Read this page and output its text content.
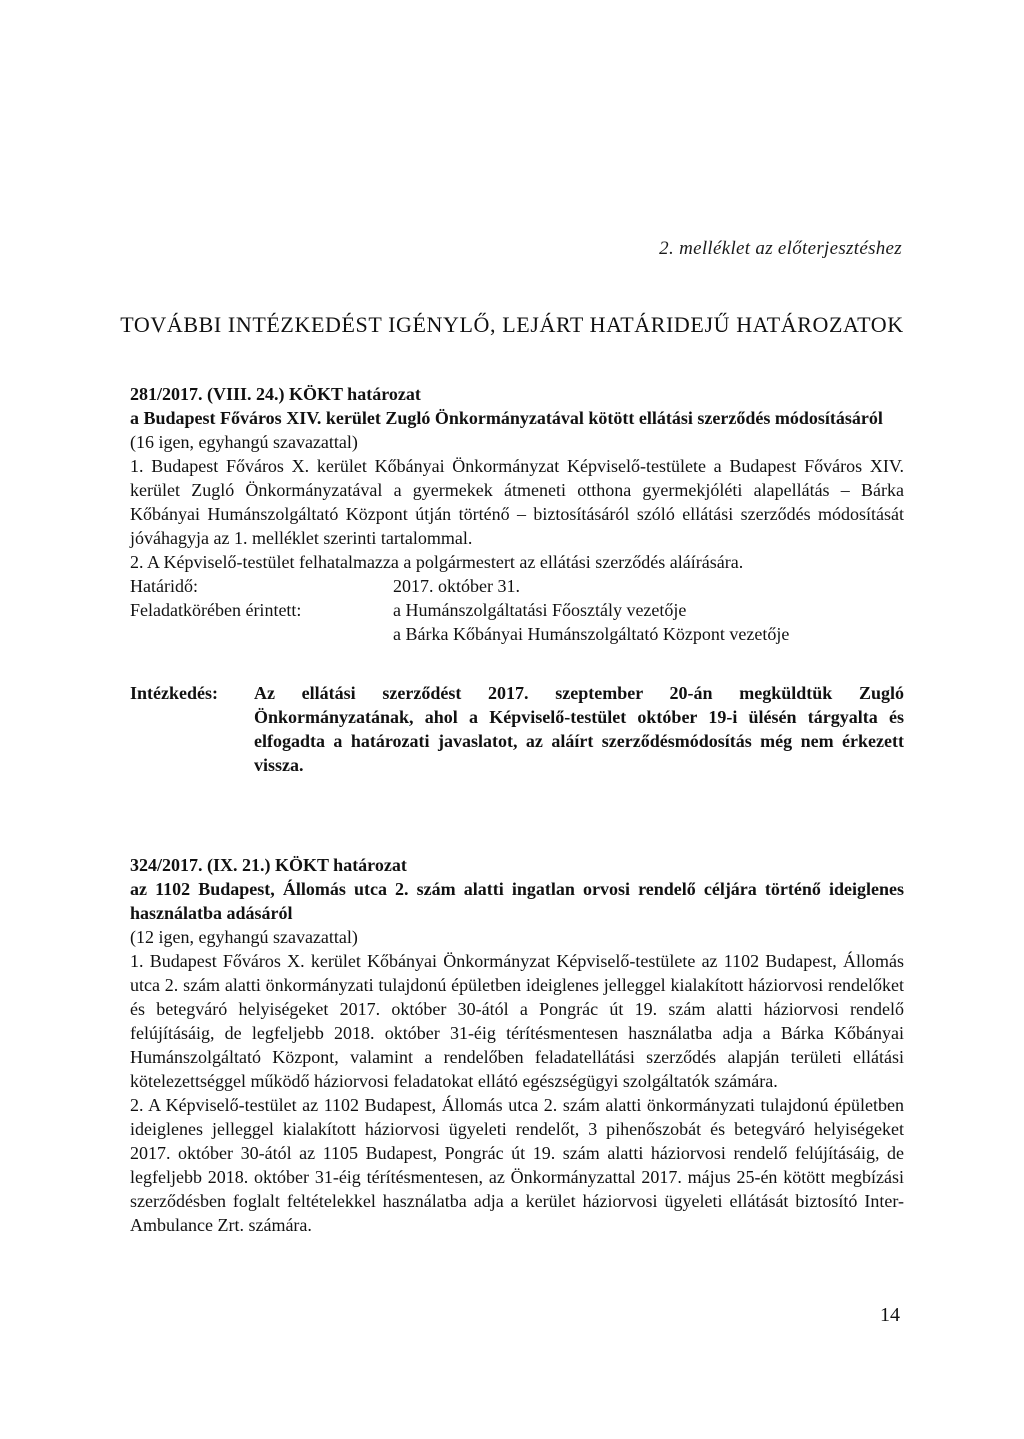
2. melléklet az előterjesztéshez
TOVÁBBI INTÉZKEDÉST IGÉNYLŐ, LEJÁRT HATÁRIDEJŰ HATÁROZATOK

281/2017. (VIII. 24.) KÖKT határozat

a Budapest Főváros XIV. kerület Zugló Önkormányzatával kötött ellátási szerződés módosításáról

(16 igen, egyhangú szavazattal)

1. Budapest Főváros X. kerület Kőbányai Önkormányzat Képviselő-testülete a Budapest Főváros XIV. kerület Zugló Önkormányzatával a gyermekek átmeneti otthona gyermekjóléti alapellátás – Bárka Kőbányai Humánszolgáltató Központ útján történő – biztosításáról szóló ellátási szerződés módosítását jóváhagyja az 1. melléklet szerinti tartalommal.

2. A Képviselő-testület felhatalmazza a polgármestert az ellátási szerződés aláírására.

Határidő:	2017. október 31.
Feladatkörében érintett:	a Humánszolgáltatási Főosztály vezetője
a Bárka Kőbányai Humánszolgáltató Központ vezetője
Intézkedés:	Az ellátási szerződést 2017. szeptember 20-án megküldtük Zugló Önkormányzatának, ahol a Képviselő-testület október 19-i ülésén tárgyalta és elfogadta a határozati javaslatot, az aláírt szerződésmódosítás még nem érkezett vissza.

324/2017. (IX. 21.) KÖKT határozat

az 1102 Budapest, Állomás utca 2. szám alatti ingatlan orvosi rendelő céljára történő ideiglenes használatba adásáról

(12 igen, egyhangú szavazattal)

1. Budapest Főváros X. kerület Kőbányai Önkormányzat Képviselő-testülete az 1102 Budapest, Állomás utca 2. szám alatti önkormányzati tulajdonú épületben ideiglenes jelleggel kialakított háziorvosi rendelőket és betegváró helyiségeket 2017. október 30-ától a Pongrác út 19. szám alatti háziorvosi rendelő felújításáig, de legfeljebb 2018. október 31-éig térítésmentesen használatba adja a Bárka Kőbányai Humánszolgáltató Központ, valamint a rendelőben feladatellátási szerződés alapján területi ellátási kötelezettséggel működő háziorvosi feladatokat ellátó egészségügyi szolgáltatók számára.

2. A Képviselő-testület az 1102 Budapest, Állomás utca 2. szám alatti önkormányzati tulajdonú épületben ideiglenes jelleggel kialakított háziorvosi ügyeleti rendelőt, 3 pihenőszobát és betegváró helyiségeket 2017. október 30-ától az 1105 Budapest, Pongrác út 19. szám alatti háziorvosi rendelő felújításáig, de legfeljebb 2018. október 31-éig térítésmentesen, az Önkormányzattal 2017. május 25-én kötött megbízási szerződésben foglalt feltételekkel használatba adja a kerület háziorvosi ügyeleti ellátását biztosító Inter-Ambulance Zrt. számára.

14
